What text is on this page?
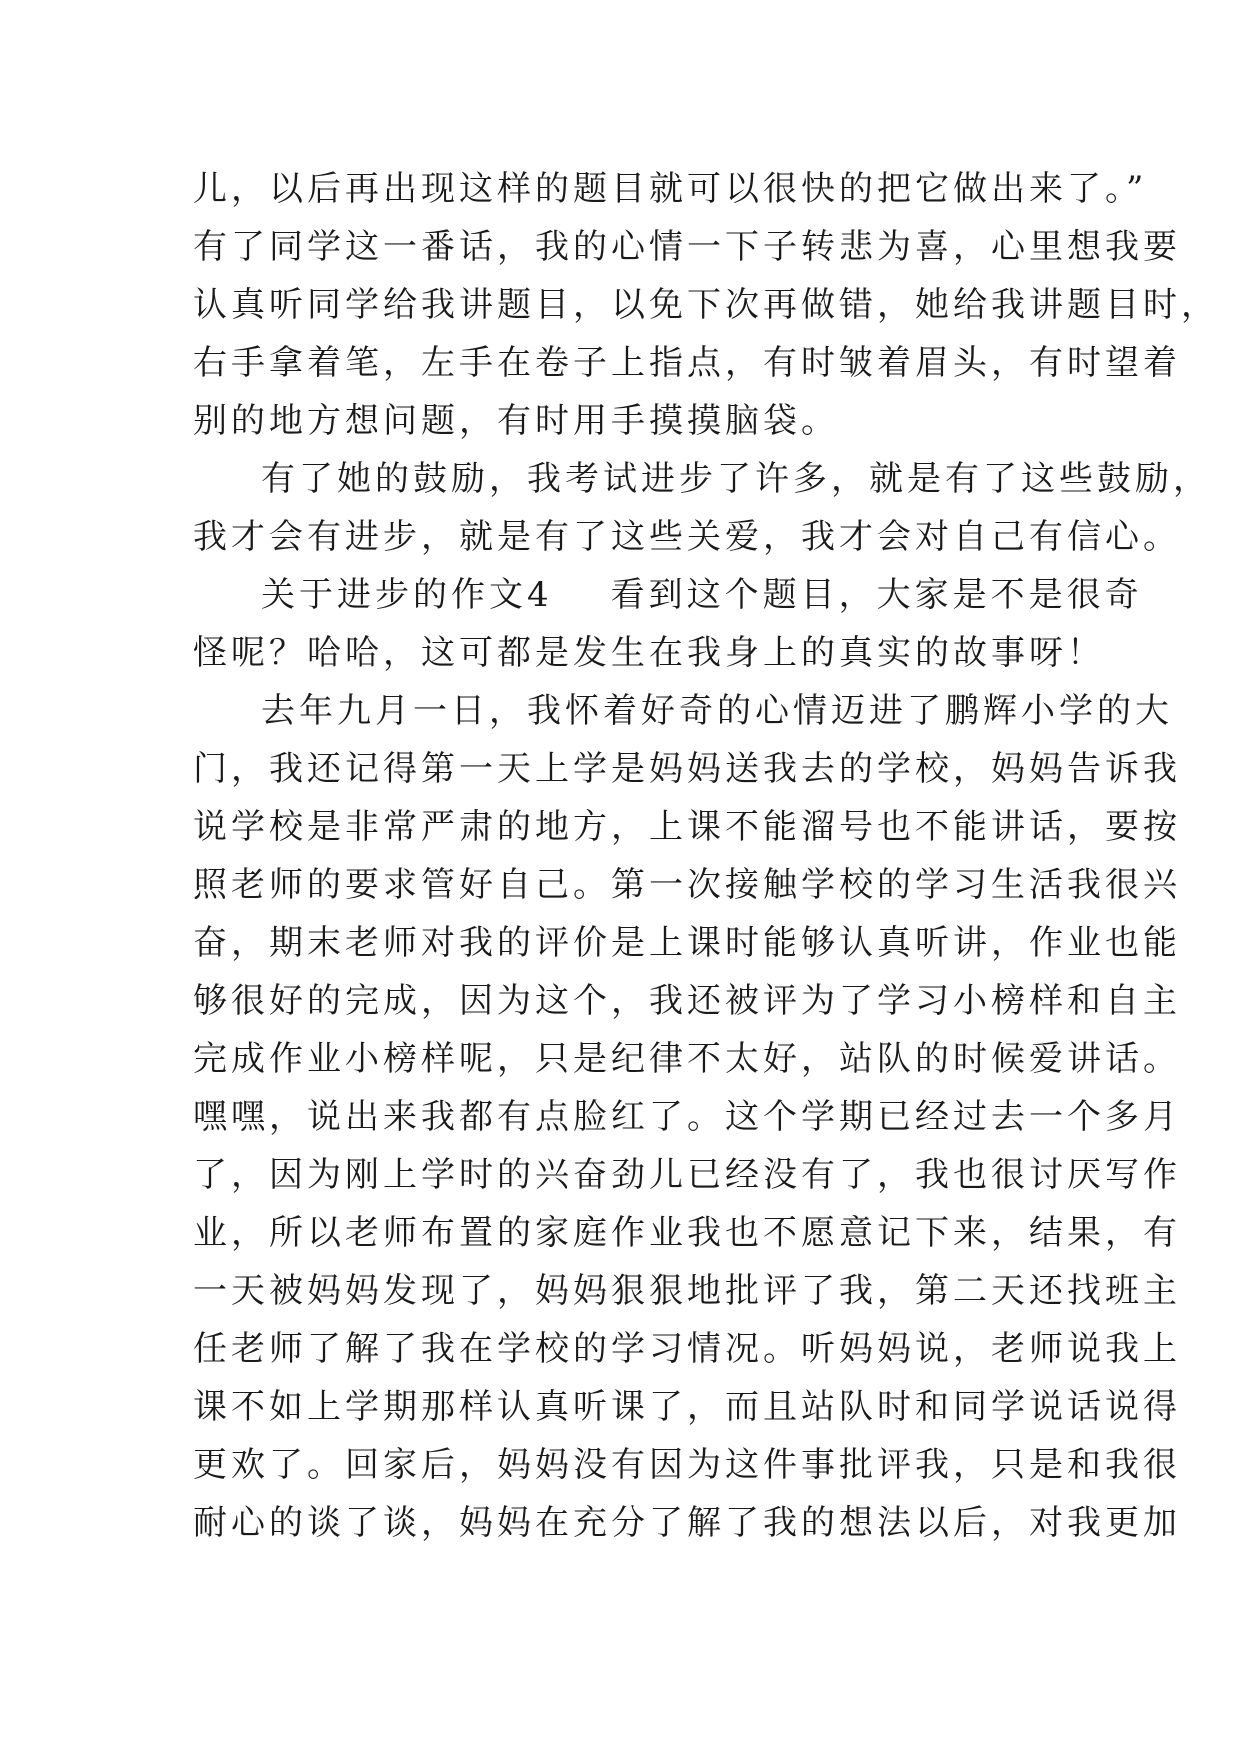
儿，以后再出现这样的题目就可以很快的把它做出来了。”
有了同学这一番话，我的心情一下子转悲为喜，心里想我要
认真听同学给我讲题目，以免下次再做错，她给我讲题目时，
右手拿着笔，左手在卷子上指点，有时皱着眉头，有时望着
别的地方想问题，有时用手摸摸脑袋。
有了她的鼓励，我考试进步了许多，就是有了这些鼓励，
我才会有进步，就是有了这些关爱，我才会对自己有信心。
关于进步的作文4 看到这个题目，大家是不是很奇
怪呢？哈哈，这可都是发生在我身上的真实的故事呀！
去年九月一日，我怀着好奇的心情迈进了鹏辉小学的大
门，我还记得第一天上学是妈妈送我去的学校，妈妈告诉我
说学校是非常严肃的地方，上课不能溜号也不能讲话，要按
照老师的要求管好自己。第一次接触学校的学习生活我很兴
奋，期末老师对我的评价是上课时能够认真听讲，作业也能
够很好的完成，因为这个，我还被评为了学习小榜样和自主
完成作业小榜样呢，只是纪律不太好，站队的时候爱讲话。
嘿嘿，说出来我都有点脸红了。这个学期已经过去一个多月
了，因为刚上学时的兴奋劲儿已经没有了，我也很讨厌写作
业，所以老师布置的家庭作业我也不愿意记下来，结果，有
一天被妈妈发现了，妈妈狠狠地批评了我，第二天还找班主
任老师了解了我在学校的学习情况。听妈妈说，老师说我上
课不如上学期那样认真听课了，而且站队时和同学说话说得
更欢了。回家后，妈妈没有因为这件事批评我，只是和我很
耐心的谈了谈，妈妈在充分了解了我的想法以后，对我更加
